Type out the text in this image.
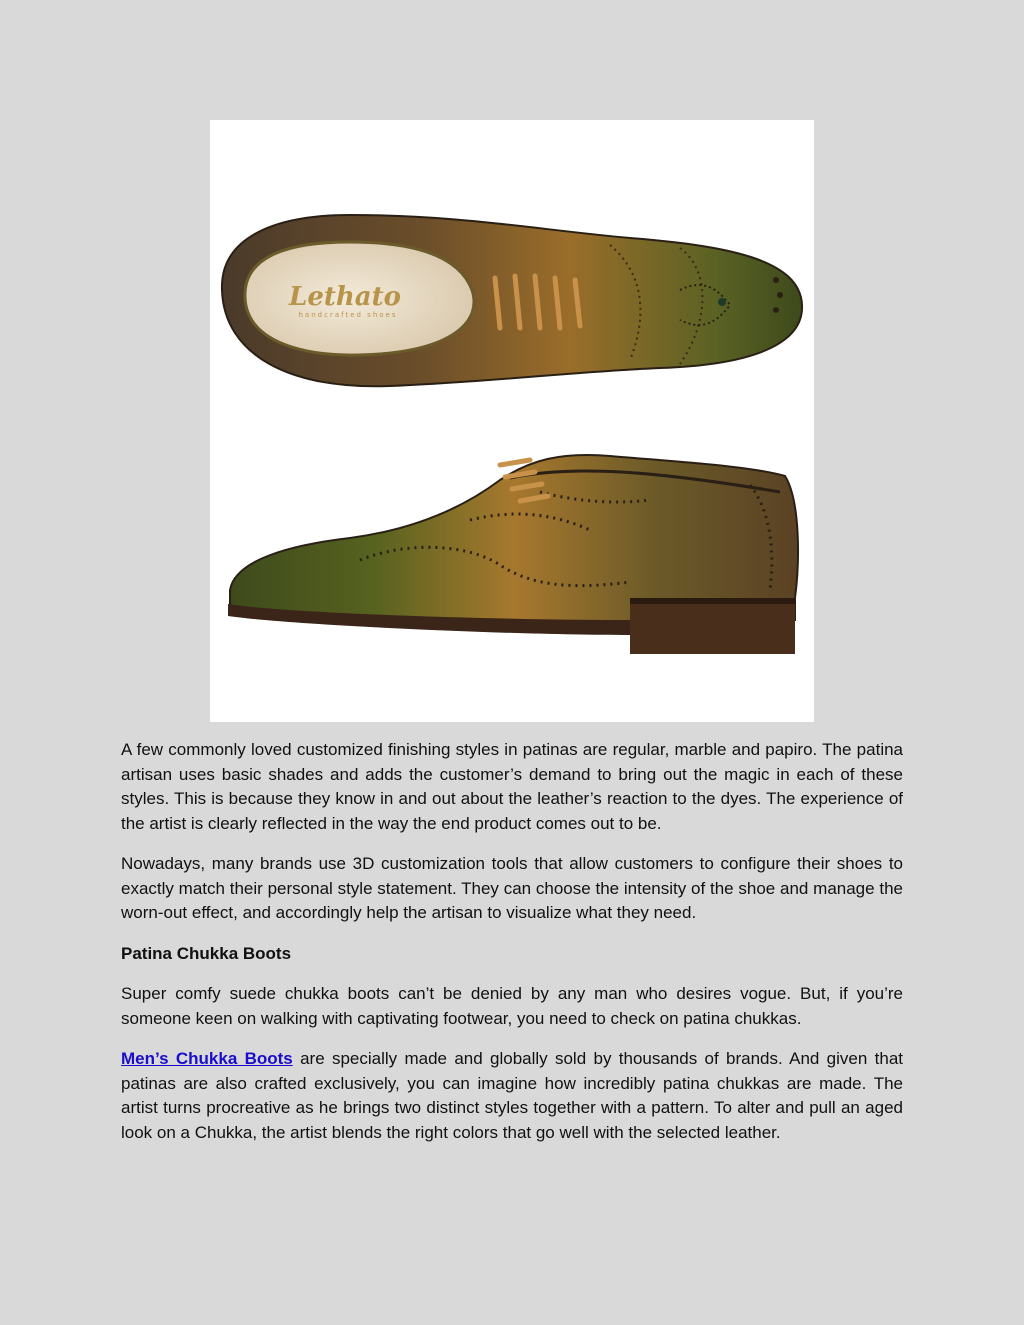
Lethato
handcrafted shoes

A few commonly loved customized finishing styles in patinas are regular, marble and papiro. The patina artisan uses basic shades and adds the customer’s demand to bring out the magic in each of these styles. This is because they know in and out about the leather’s reaction to the dyes. The experience of the artist is clearly reflected in the way the end product comes out to be.

Nowadays, many brands use 3D customization tools that allow customers to configure their shoes to exactly match their personal style statement. They can choose the intensity of the shoe and manage the worn-out effect, and accordingly help the artisan to visualize what they need.

Patina Chukka Boots

Super comfy suede chukka boots can’t be denied by any man who desires vogue. But, if you’re someone keen on walking with captivating footwear, you need to check on patina chukkas.

Men’s Chukka Boots are specially made and globally sold by thousands of brands. And given that patinas are also crafted exclusively, you can imagine how incredibly patina chukkas are made. The artist turns procreative as he brings two distinct styles together with a pattern. To alter and pull an aged look on a Chukka, the artist blends the right colors that go well with the selected leather.
